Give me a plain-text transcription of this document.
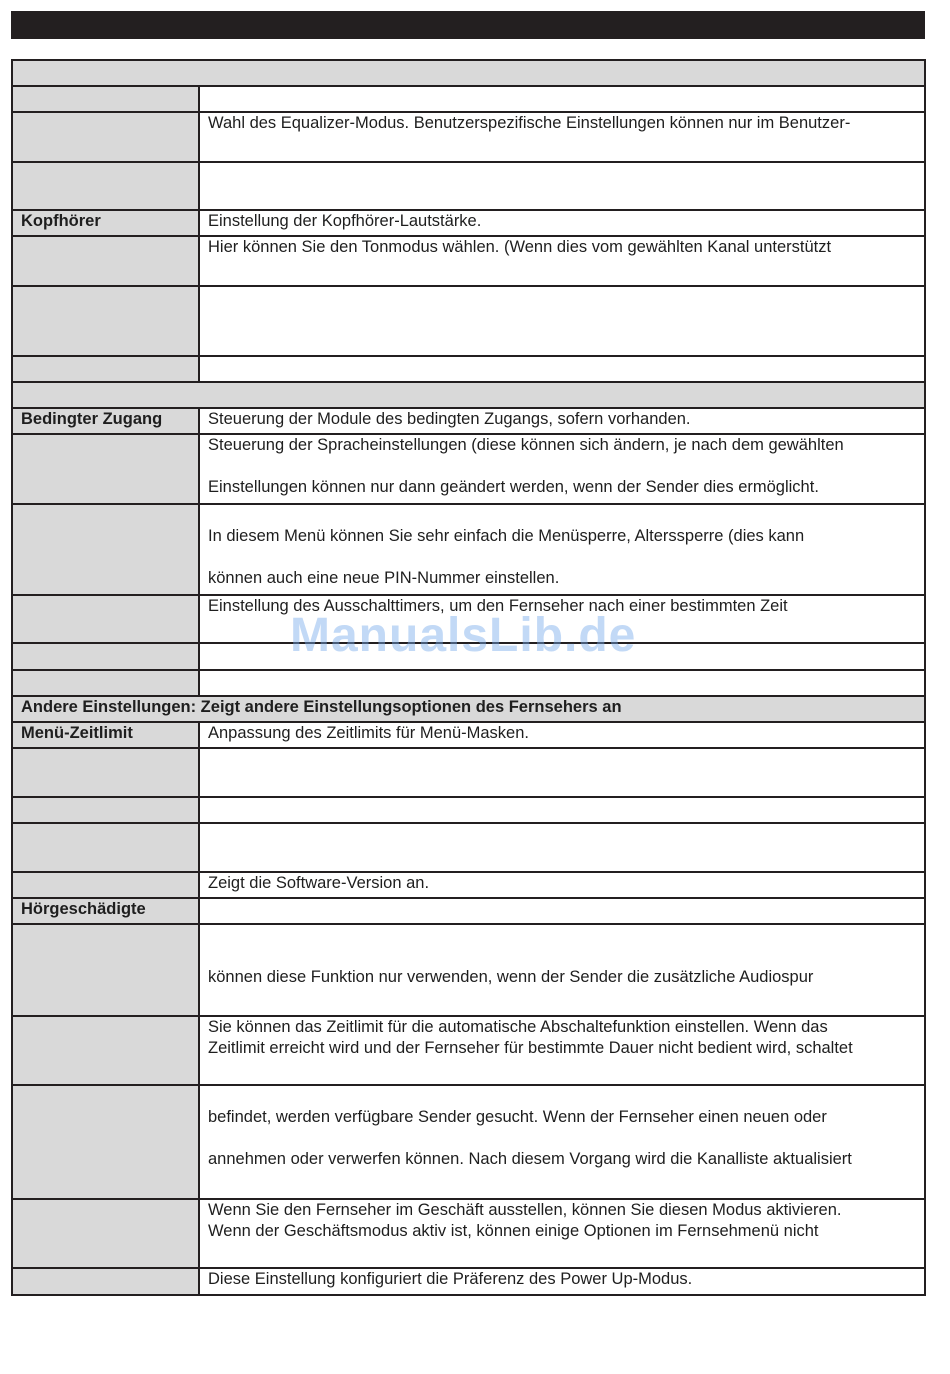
	Wahl des Equalizer-Modus. Benutzerspezifische Einstellungen können nur im Benutzer-

Kopfhörer	Einstellung der Kopfhörer-Lautstärke.

	Hier können Sie den Tonmodus wählen. (Wenn dies vom gewählten Kanal unterstützt

Bedingter Zugang	Steuerung der Module des bedingten Zugangs, sofern vorhanden.

	Steuerung der Spracheinstellungen (diese können sich ändern, je nach dem gewählten
Einstellungen können nur dann geändert werden, wenn der Sender dies ermöglicht.

	In diesem Menü können Sie sehr einfach die Menüsperre, Alterssperre (dies kann
können auch eine neue PIN-Nummer einstellen.

	Einstellung des Ausschalttimers, um den Fernseher nach einer bestimmten Zeit

Andere Einstellungen: Zeigt andere Einstellungsoptionen des Fernsehers an	
Menü-Zeitlimit	Anpassung des Zeitlimits für Menü-Masken.

	Zeigt die Software-Version an.

Hörgeschädigte	

	können diese Funktion nur verwenden, wenn der Sender die zusätzliche Audiospur

	Sie können das Zeitlimit für die automatische Abschaltefunktion einstellen. Wenn das
Zeitlimit erreicht wird und der Fernseher für bestimmte Dauer nicht bedient wird, schaltet

	befindet, werden verfügbare Sender gesucht. Wenn der Fernseher einen neuen oder
annehmen oder verwerfen können. Nach diesem Vorgang wird die Kanalliste aktualisiert

	Wenn Sie den Fernseher im Geschäft ausstellen, können Sie diesen Modus aktivieren.
Wenn der Geschäftsmodus aktiv ist, können einige Optionen im Fernsehmenü nicht

	Diese Einstellung konfiguriert die Präferenz des Power Up-Modus.
ManualsLib.de
